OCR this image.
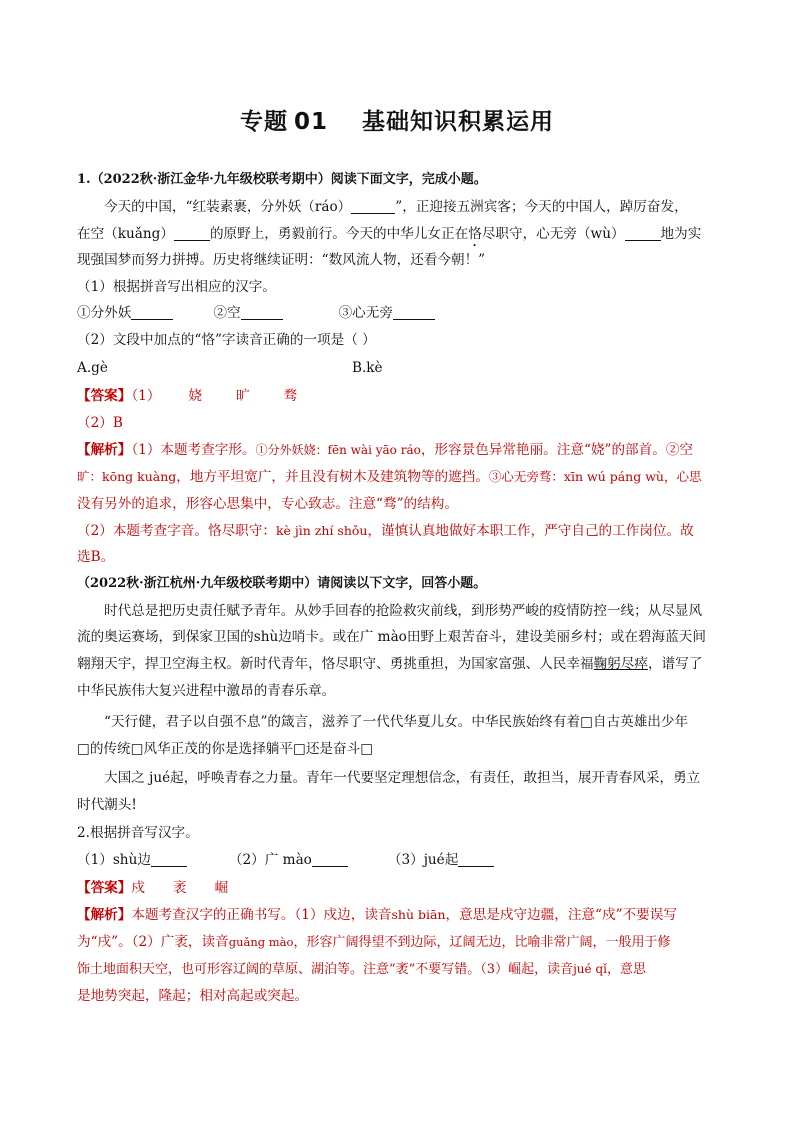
专题 01 基础知识积累运用
1.（2022秋·浙江金华·九年级校联考期中）阅读下面文字，完成小题。
今天的中国，“红装素裹，分外妖（ráo）	”，正迎接五洲宾客；今天的中国人，踔厉奋发，
在空（kuǎng）	的原野上，勇毅前行。今天的中华儿女正在恪尽职守，心无旁（wù）	地为实
现强国梦而努力拼搏。历史将继续证明：“数风流人物，还看今朝！”
（1）根据拼音写出相应的汉字。
①分外妖	②空	③心无旁
（2）文段中加点的“恪”字读音正确的一项是（ ）
A.gè	B.kè
【答案】（1） 娆	旷	骛
（2）B
【解析】（1）本题考查字形。①分外妖娆：fēn wài yāo ráo，形容景色异常艳丽。注意“娆”的部首。②空
旷：kōng kuàng，地方平坦宽广，并且没有树木及建筑物等的遮挡。③心无旁骛：xīn wú páng wù，心思
没有另外的追求，形容心思集中，专心致志。注意“骛”的结构。
（2）本题考查字音。恪尽职守：kè jìn zhí shǒu，谨慎认真地做好本职工作，严守自己的工作岗位。故
选B。
（2022秋·浙江杭州·九年级校联考期中）请阅读以下文字，回答小题。
时代总是把历史责任赋予青年。从妙手回春的抢险救灾前线，到形势严峻的疫情防控一线；从尽显风
流的奥运赛场，到保家卫国的shù边哨卡。或在广 mào田野上艰苦奋斗，建设美丽乡村；或在碧海蓝天间
翱翔天宇，捍卫空海主权。新时代青年，恪尽职守、勇挑重担，为国家富强、人民幸福鞠躬尽瘁，谱写了
中华民族伟大复兴进程中激昂的青春乐章。
“天行健，君子以自强不息”的箴言，滋养了一代代华夏儿女。中华民族始终有着□自古英雄出少年
□的传统□风华正茂的你是选择躺平□还是奋斗□
大国之 jué起，呼唤青春之力量。青年一代要坚定理想信念，有责任，敢担当，展开青春风采，勇立
时代潮头!
2.根据拼音写汉字。
（1）shù边	（2）广 mào	（3）jué起
【答案】戍 袤 崛
【解析】本题考查汉字的正确书写。（1）戍边，读音shù biān，意思是戍守边疆，注意“戍”不要误写
为“戌”。（2）广袤，读音guǎng mào，形容广阔得望不到边际，辽阔无边，比喻非常广阔，一般用于修
饰土地面积天空，也可形容辽阔的草原、湖泊等。注意“袤”不要写错。（3）崛起，读音jué qǐ，意思
是地势突起，隆起；相对高起或突起。
